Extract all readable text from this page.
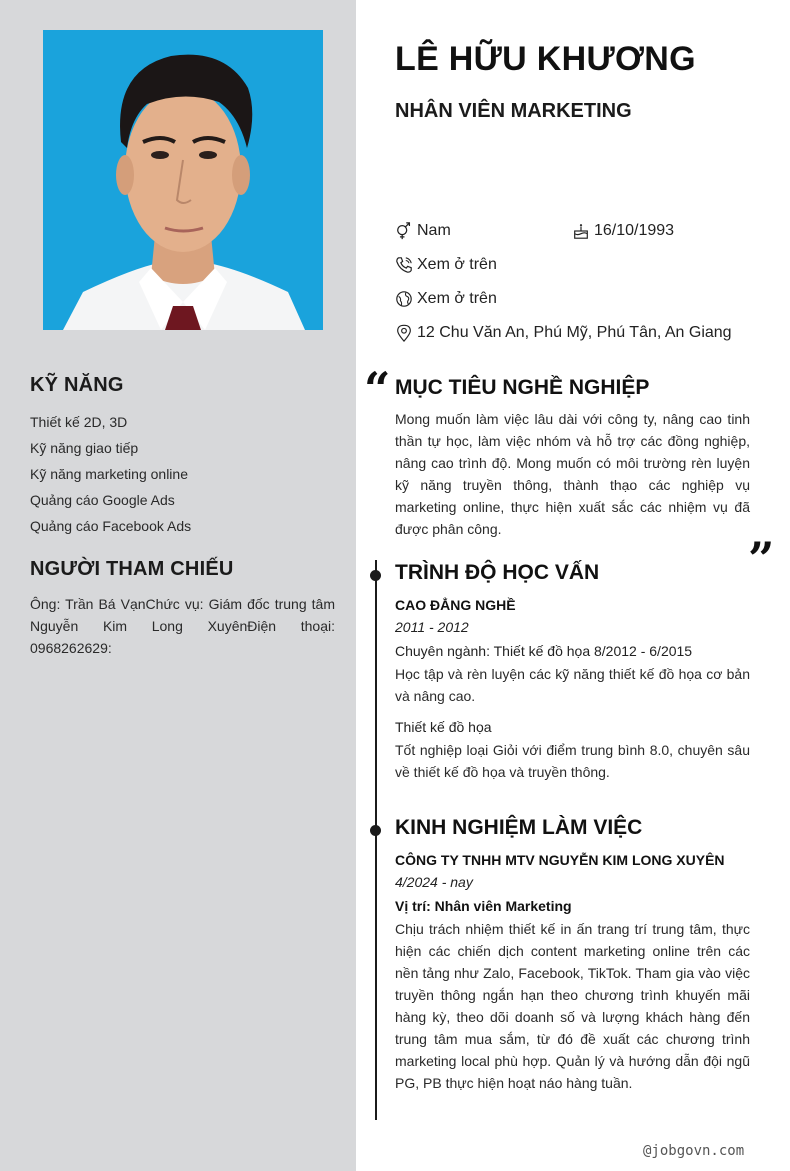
KỸ NĂNG
Thiết kế 2D, 3D
Kỹ năng giao tiếp
Kỹ năng marketing online
Quảng cáo Google Ads
Quảng cáo Facebook Ads
NGƯỜI THAM CHIẾU

Ông: Trần Bá VạnChức vụ: Giám đốc trung tâm Nguyễn Kim Long XuyênĐiện thoại: 0968262629:

LÊ HỮU KHƯƠNG
NHÂN VIÊN MARKETING
Nam	16/10/1993
Xem ở trên
Xem ở trên
12 Chu Văn An, Phú Mỹ, Phú Tân, An Giang
“ MỤC TIÊU NGHỀ NGHIỆP

Mong muốn làm việc lâu dài với công ty, nâng cao tinh thần tự học, làm việc nhóm và hỗ trợ các đồng nghiệp, nâng cao trình độ. Mong muốn có môi trường rèn luyện kỹ năng truyền thông, thành thạo các nghiệp vụ marketing online, thực hiện xuất sắc các nhiệm vụ đã được phân công.

”
TRÌNH ĐỘ HỌC VẤN
CAO ĐẲNG NGHỀ
2011 - 2012
Chuyên ngành: Thiết kế đồ họa 8/2012 - 6/2015

Học tập và rèn luyện các kỹ năng thiết kế đồ họa cơ bản và nâng cao.

Thiết kế đồ họa

Tốt nghiệp loại Giỏi với điểm trung bình 8.0, chuyên sâu về thiết kế đồ họa và truyền thông.

KINH NGHIỆM LÀM VIỆC
CÔNG TY TNHH MTV NGUYỄN KIM LONG XUYÊN
4/2024 - nay
Vị trí: Nhân viên Marketing

Chịu trách nhiệm thiết kế in ấn trang trí trung tâm, thực hiện các chiến dịch content marketing online trên các nền tảng như Zalo, Facebook, TikTok. Tham gia vào việc truyền thông ngắn hạn theo chương trình khuyến mãi hàng kỳ, theo dõi doanh số và lượng khách hàng đến trung tâm mua sắm, từ đó đề xuất các chương trình marketing local phù hợp. Quản lý và hướng dẫn đội ngũ PG, PB thực hiện hoạt náo hàng tuần.

@jobgovn.com
